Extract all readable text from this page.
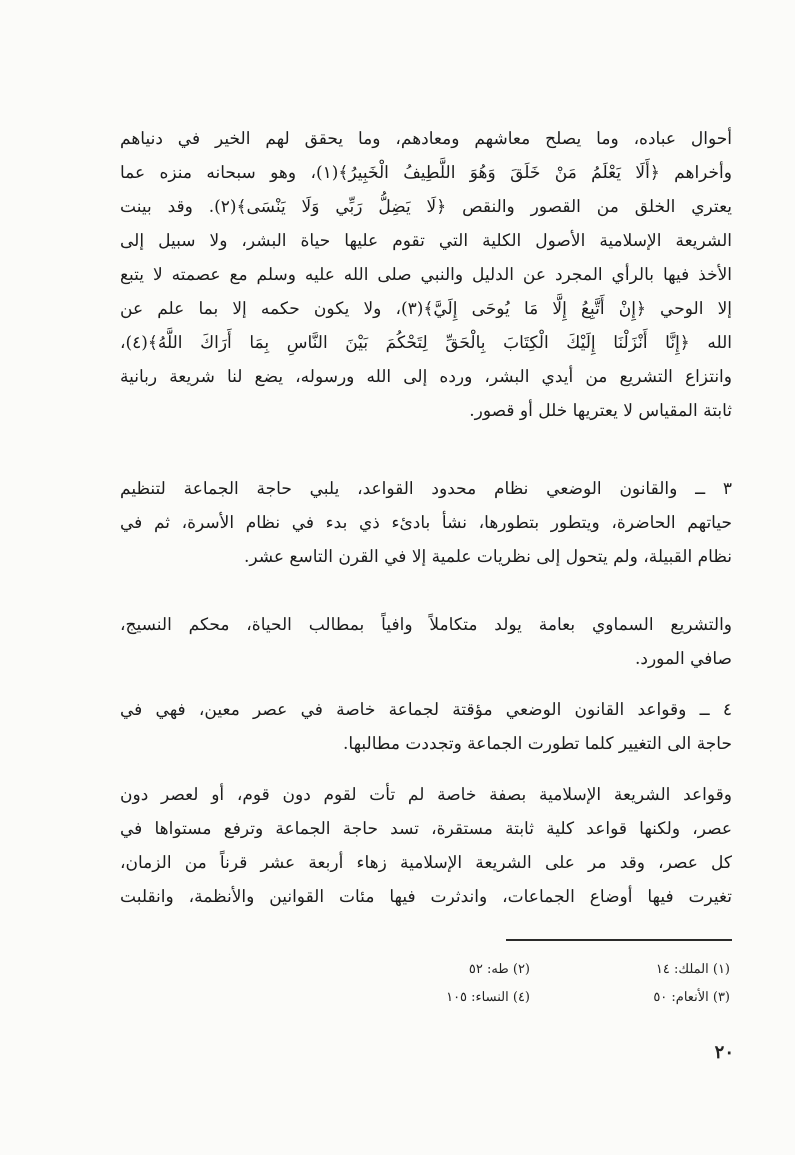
أحوال عباده، وما يصلح معاشهم ومعادهم، وما يحقق لهم الخير في دنياهم
وأخراهم ﴿أَلَا يَعْلَمُ مَنْ خَلَقَ وَهُوَ اللَّطِيفُ الْخَبِيرُ﴾(١)، وهو سبحانه منزه عما
يعتري الخلق من القصور والنقص ﴿لَا يَضِلُّ رَبِّي وَلَا يَنْسَى﴾(٢). وقد بينت
الشريعة الإسلامية الأصول الكلية التي تقوم عليها حياة البشر، ولا سبيل إلى
الأخذ فيها بالرأي المجرد عن الدليل والنبي صلى الله عليه وسلم مع عصمته لا يتبع
إلا الوحي ﴿إِنْ أَتَّبِعُ إِلَّا مَا يُوحَى إِلَيَّ﴾(٣)، ولا يكون حكمه إلا بما علم عن
الله ﴿إِنَّا أَنْزَلْنَا إِلَيْكَ الْكِتَابَ بِالْحَقِّ لِتَحْكُمَ بَيْنَ النَّاسِ بِمَا أَرَاكَ اللَّهُ﴾(٤)،
وانتزاع التشريع من أيدي البشر، ورده إلى الله ورسوله، يضع لنا شريعة ربانية
ثابتة المقياس لا يعتريها خلل أو قصور.
٣ ــ والقانون الوضعي نظام محدود القواعد، يلبي حاجة الجماعة لتنظيم
حياتهم الحاضرة، ويتطور بتطورها، نشأ بادئء ذي بدء في نظام الأسرة، ثم في
نظام القبيلة، ولم يتحول إلى نظريات علمية إلا في القرن التاسع عشر.
والتشريع السماوي بعامة يولد متكاملاً وافياً بمطالب الحياة، محكم النسيج،
صافي المورد.
٤ ــ وقواعد القانون الوضعي مؤقتة لجماعة خاصة في عصر معين، فهي في
حاجة الى التغيير كلما تطورت الجماعة وتجددت مطالبها.
وقواعد الشريعة الإسلامية بصفة خاصة لم تأت لقوم دون قوم، أو لعصر دون
عصر، ولكنها قواعد كلية ثابتة مستقرة، تسد حاجة الجماعة وترفع مستواها في
كل عصر، وقد مر على الشريعة الإسلامية زهاء أربعة عشر قرناً من الزمان،
تغيرت فيها أوضاع الجماعات، واندثرت فيها مئات القوانين والأنظمة، وانقلبت
(١) الملك: ١٤
(٢) طه: ٥٢
(٣) الأنعام: ٥٠
(٤) النساء: ١٠٥
٢٠
